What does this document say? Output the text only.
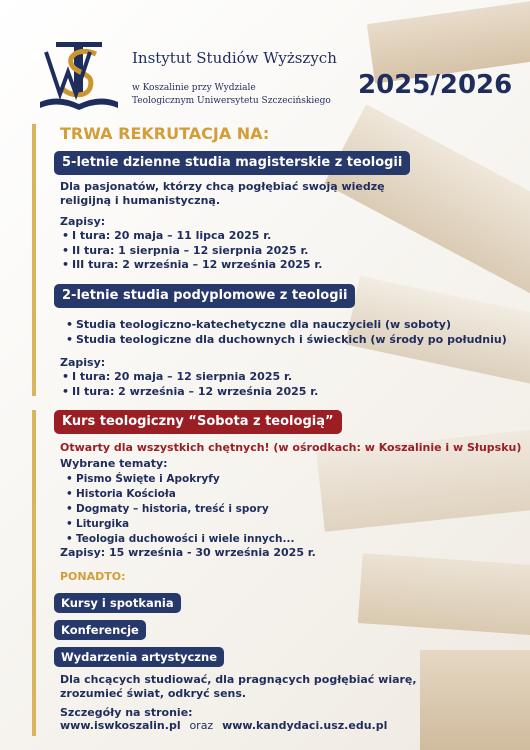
Instytut Studiów Wyższych
w Koszalinie przy Wydziale
Teologicznym Uniwersytetu Szczecińskiego
2025/2026
TRWA REKRUTACJA NA:
5-letnie dzienne studia magisterskie z teologii
Dla pasjonatów, którzy chcą pogłębiać swoją wiedzę
religijną i humanistyczną.
Zapisy:
• I tura: 20 maja – 11 lipca 2025 r.
• II tura: 1 sierpnia – 12 sierpnia 2025 r.
• III tura: 2 września – 12 września 2025 r.
2-letnie studia podyplomowe z teologii
• Studia teologiczno-katechetyczne dla nauczycieli (w soboty)
• Studia teologiczne dla duchownych i świeckich (w środy po południu)
Zapisy:
• I tura: 20 maja – 12 sierpnia 2025 r.
• II tura: 2 września – 12 września 2025 r.
Kurs teologiczny “Sobota z teologią”
Otwarty dla wszystkich chętnych! (w ośrodkach: w Koszalinie i w Słupsku)
Wybrane tematy:
• Pismo Święte i Apokryfy
• Historia Kościoła
• Dogmaty – historia, treść i spory
• Liturgika
• Teologia duchowości i wiele innych...
Zapisy: 15 września - 30 września 2025 r.
PONADTO:
Kursy i spotkania
Konferencje
Wydarzenia artystyczne
Dla chcących studiować, dla pragnących pogłębiać wiarę,
zrozumieć świat, odkryć sens.
Szczegóły na stronie:
www.iswkoszalin.pl oraz www.kandydaci.usz.edu.pl
